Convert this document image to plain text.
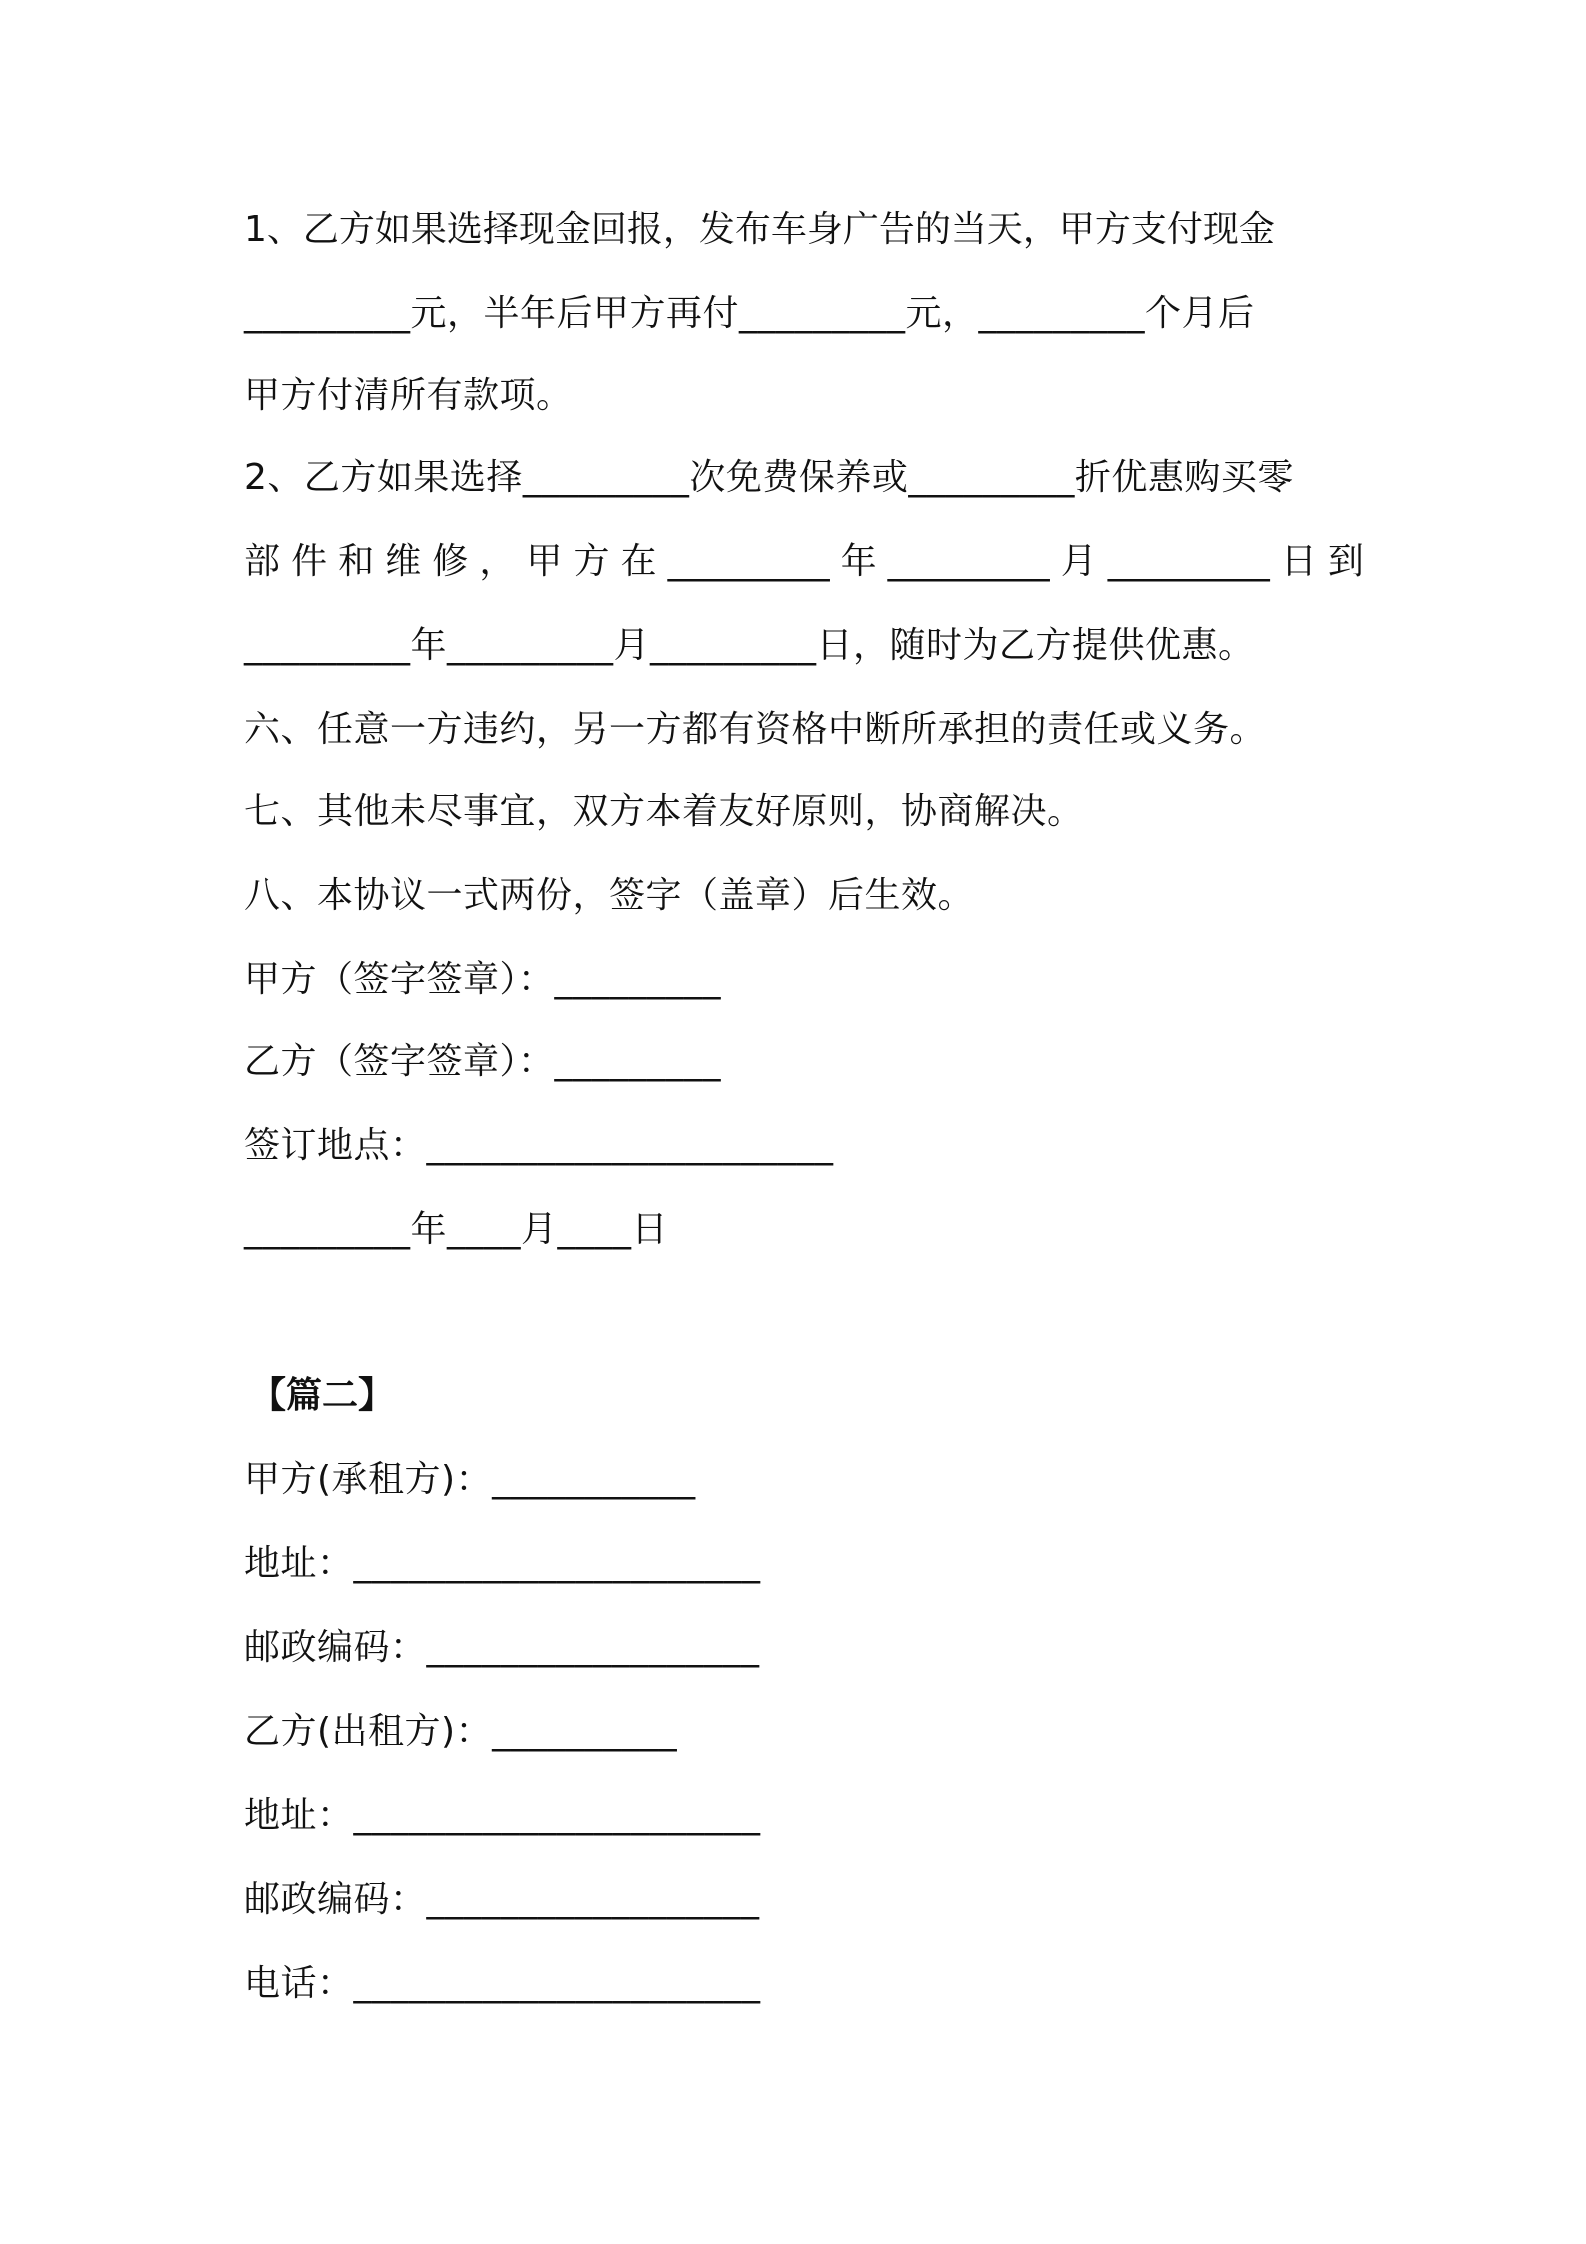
1、乙方如果选择现金回报，发布车身广告的当天，甲方支付现金
_________元，半年后甲方再付_________元，_________个月后
甲方付清所有款项。
2、乙方如果选择_________次免费保养或_________折优惠购买零
部 件 和 维 修 ， 甲 方 在 _________ 年 _________ 月 _________ 日 到
_________年_________月_________日，随时为乙方提供优惠。
六、任意一方违约，另一方都有资格中断所承担的责任或义务。
七、其他未尽事宜，双方本着友好原则，协商解决。
八、本协议一式两份，签字（盖章）后生效。
甲方（签字签章）：_________
乙方（签字签章）：_________
签订地点：______________________
_________年____月____日
【篇二】
甲方(承租方)：___________
地址：______________________
邮政编码：__________________
乙方(出租方)：__________
地址：______________________
邮政编码：__________________
电话：______________________
